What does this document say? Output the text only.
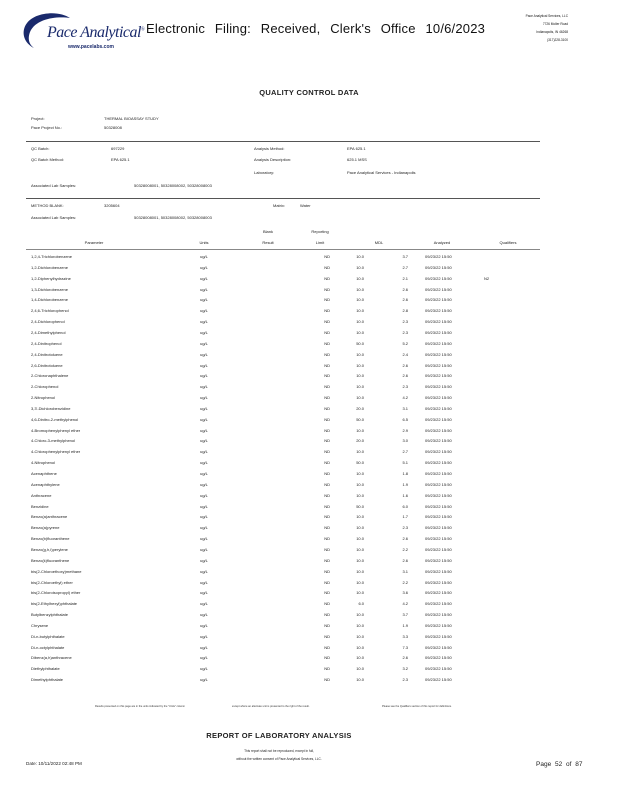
Pace Analytical®
www.pacelabs.com
Electronic Filing: Received, Clerk's Office 10/6/2023
Pace Analytical Services, LLC
7726 Moller Road
Indianapolis, IN 46268
(317)228-3100
QUALITY CONTROL DATA
Project:	THERMAL BIOASSAY STUDY
Pace Project No.:	50328008
QC Batch:	697229	Analysis Method:	EPA 625.1
QC Batch Method:	EPA 625.1	Analysis Description:	625.1 MSS
Laboratory:	Pace Analytical Services - Indianapolis
Associated Lab Samples:	50328008001, 50328008002, 50328008003
METHOD BLANK:	3205604	Matrix:	Water
Associated Lab Samples:	50328008001, 50328008002, 50328008003
Parameter	Units
Blank
Result
Reporting
Limit	MDL	Analyzed	Qualifiers
1,2,4-Trichlorobenzene	ug/L	ND	10.0	3.7	09/23/22 15:50
1,2-Dichlorobenzene	ug/L	ND	10.0	2.7	09/23/22 15:50
1,2-Diphenylhydrazine	ug/L	ND	10.0	2.1	09/23/22 15:50	N2
1,3-Dichlorobenzene	ug/L	ND	10.0	2.6	09/23/22 15:50
1,4-Dichlorobenzene	ug/L	ND	10.0	2.6	09/23/22 15:50
2,4,6-Trichlorophenol	ug/L	ND	10.0	2.8	09/23/22 15:50
2,4-Dichlorophenol	ug/L	ND	10.0	2.3	09/23/22 15:50
2,4-Dimethylphenol	ug/L	ND	10.0	2.3	09/23/22 15:50
2,4-Dinitrophenol	ug/L	ND	50.0	5.2	09/23/22 15:50
2,4-Dinitrotoluene	ug/L	ND	10.0	2.4	09/23/22 15:50
2,6-Dinitrotoluene	ug/L	ND	10.0	2.6	09/23/22 15:50
2-Chloronaphthalene	ug/L	ND	10.0	2.6	09/23/22 15:50
2-Chlorophenol	ug/L	ND	10.0	2.3	09/23/22 15:50
2-Nitrophenol	ug/L	ND	10.0	4.2	09/23/22 15:50
3,3'-Dichlorobenzidine	ug/L	ND	20.0	3.1	09/23/22 15:50
4,6-Dinitro-2-methylphenol	ug/L	ND	50.0	6.5	09/23/22 15:50
4-Bromophenylphenyl ether	ug/L	ND	10.0	2.9	09/23/22 15:50
4-Chloro-3-methylphenol	ug/L	ND	20.0	3.0	09/23/22 15:50
4-Chlorophenylphenyl ether	ug/L	ND	10.0	2.7	09/23/22 15:50
4-Nitrophenol	ug/L	ND	50.0	5.1	09/23/22 15:50
Acenaphthene	ug/L	ND	10.0	1.8	09/23/22 15:50
Acenaphthylene	ug/L	ND	10.0	1.9	09/23/22 15:50
Anthracene	ug/L	ND	10.0	1.6	09/23/22 15:50
Benzidine	ug/L	ND	50.0	6.0	09/23/22 15:50
Benzo(a)anthracene	ug/L	ND	10.0	1.7	09/23/22 15:50
Benzo(a)pyrene	ug/L	ND	10.0	2.3	09/23/22 15:50
Benzo(b)fluoranthene	ug/L	ND	10.0	2.6	09/23/22 15:50
Benzo(g,h,i)perylene	ug/L	ND	10.0	2.2	09/23/22 15:50
Benzo(k)fluoranthene	ug/L	ND	10.0	2.6	09/23/22 15:50
bis(2-Chloroethoxy)methane	ug/L	ND	10.0	3.1	09/23/22 15:50
bis(2-Chloroethyl) ether	ug/L	ND	10.0	2.2	09/23/22 15:50
bis(2-Chloroisopropyl) ether	ug/L	ND	10.0	3.6	09/23/22 15:50
bis(2-Ethylhexyl)phthalate	ug/L	ND	6.0	4.2	09/23/22 15:50
Butylbenzylphthalate	ug/L	ND	10.0	3.7	09/23/22 15:50
Chrysene	ug/L	ND	10.0	1.9	09/23/22 15:50
Di-n-butylphthalate	ug/L	ND	10.0	3.3	09/23/22 15:50
Di-n-octylphthalate	ug/L	ND	10.0	7.3	09/23/22 15:50
Dibenz(a,h)anthracene	ug/L	ND	10.0	2.6	09/23/22 15:50
Diethylphthalate	ug/L	ND	10.0	3.2	09/23/22 15:50
Dimethylphthalate	ug/L	ND	10.0	2.3	09/23/22 15:50
Results presented on this page are in the units indicated by the "Units" column	except where an alternate unit is presented to the right of the result.	Please see the Qualifiers section of this report for definitions.
REPORT OF LABORATORY ANALYSIS
This report shall not be reproduced, except in full,
without the written consent of Pace Analytical Services, LLC.
Date: 10/11/2022 02:48 PM	Page 52 of 87
